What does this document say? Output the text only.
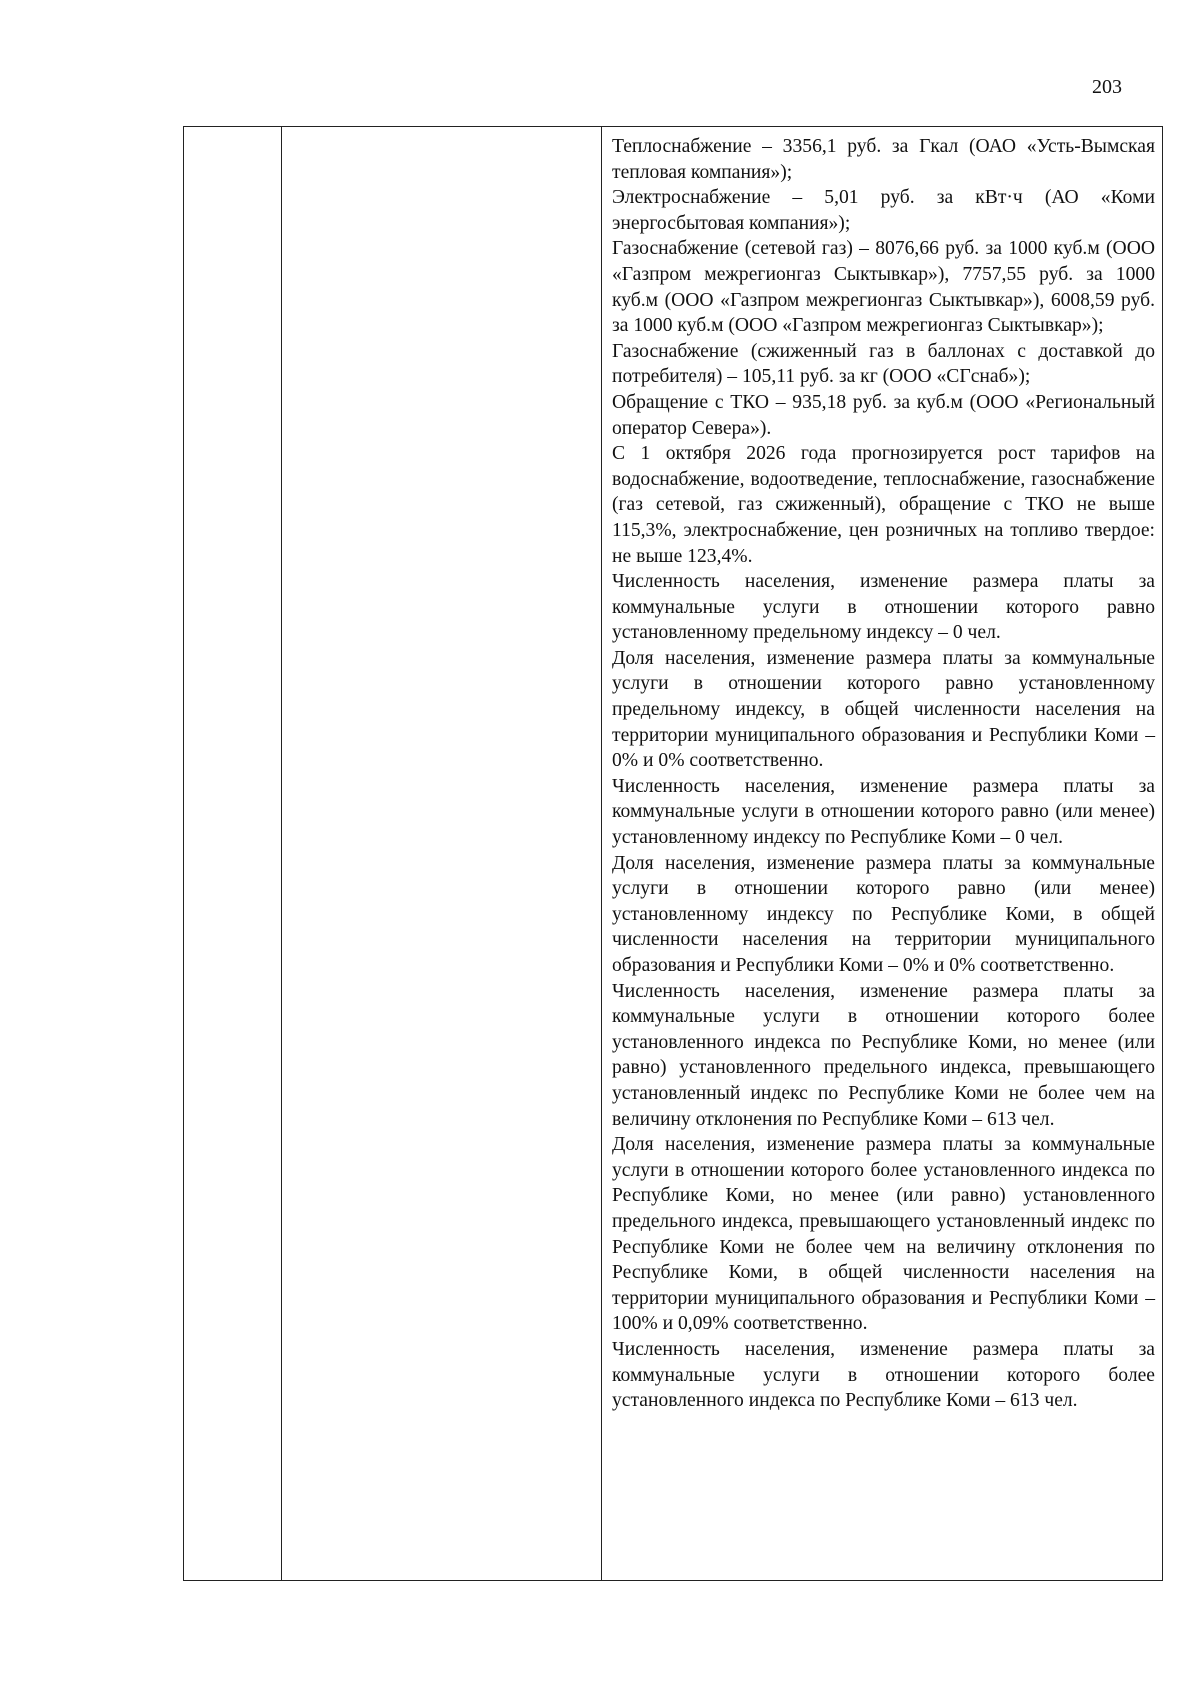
203

Теплоснабжение – 3356,1 руб. за Гкал (ОАО «Усть-Вымская тепловая компания»);

Электроснабжение – 5,01 руб. за кВт·ч (АО «Коми энергосбытовая компания»);

Газоснабжение (сетевой газ) – 8076,66 руб. за 1000 куб.м (ООО «Газпром межрегионгаз Сыктывкар»), 7757,55 руб. за 1000 куб.м (ООО «Газпром межрегионгаз Сыктывкар»), 6008,59 руб. за 1000 куб.м (ООО «Газпром межрегионгаз Сыктывкар»);

Газоснабжение (сжиженный газ в баллонах с доставкой до потребителя) – 105,11 руб. за кг (ООО «СГснаб»);

Обращение с ТКО – 935,18 руб. за куб.м (ООО «Региональный оператор Севера»).

С 1 октября 2026 года прогнозируется рост тарифов на водоснабжение, водоотведение, теплоснабжение, газоснабжение (газ сетевой, газ сжиженный), обращение с ТКО не выше 115,3%, электроснабжение, цен розничных на топливо твердое: не выше 123,4%.

Численность населения, изменение размера платы за коммунальные услуги в отношении которого равно установленному предельному индексу – 0 чел.

Доля населения, изменение размера платы за коммунальные услуги в отношении которого равно установленному предельному индексу, в общей численности населения на территории муниципального образования и Республики Коми – 0% и 0% соответственно.

Численность населения, изменение размера платы за коммунальные услуги в отношении которого равно (или менее) установленному индексу по Республике Коми – 0 чел.

Доля населения, изменение размера платы за коммунальные услуги в отношении которого равно (или менее) установленному индексу по Республике Коми, в общей численности населения на территории муниципального образования и Республики Коми – 0% и 0% соответственно.

Численность населения, изменение размера платы за коммунальные услуги в отношении которого более установленного индекса по Республике Коми, но менее (или равно) установленного предельного индекса, превышающего установленный индекс по Республике Коми не более чем на величину отклонения по Республике Коми – 613 чел.

Доля населения, изменение размера платы за коммунальные услуги в отношении которого более установленного индекса по Республике Коми, но менее (или равно) установленного предельного индекса, превышающего установленный индекс по Республике Коми не более чем на величину отклонения по Республике Коми, в общей численности населения на территории муниципального образования и Республики Коми – 100% и 0,09% соответственно.

Численность населения, изменение размера платы за коммунальные услуги в отношении которого более установленного индекса по Республике Коми – 613 чел.
